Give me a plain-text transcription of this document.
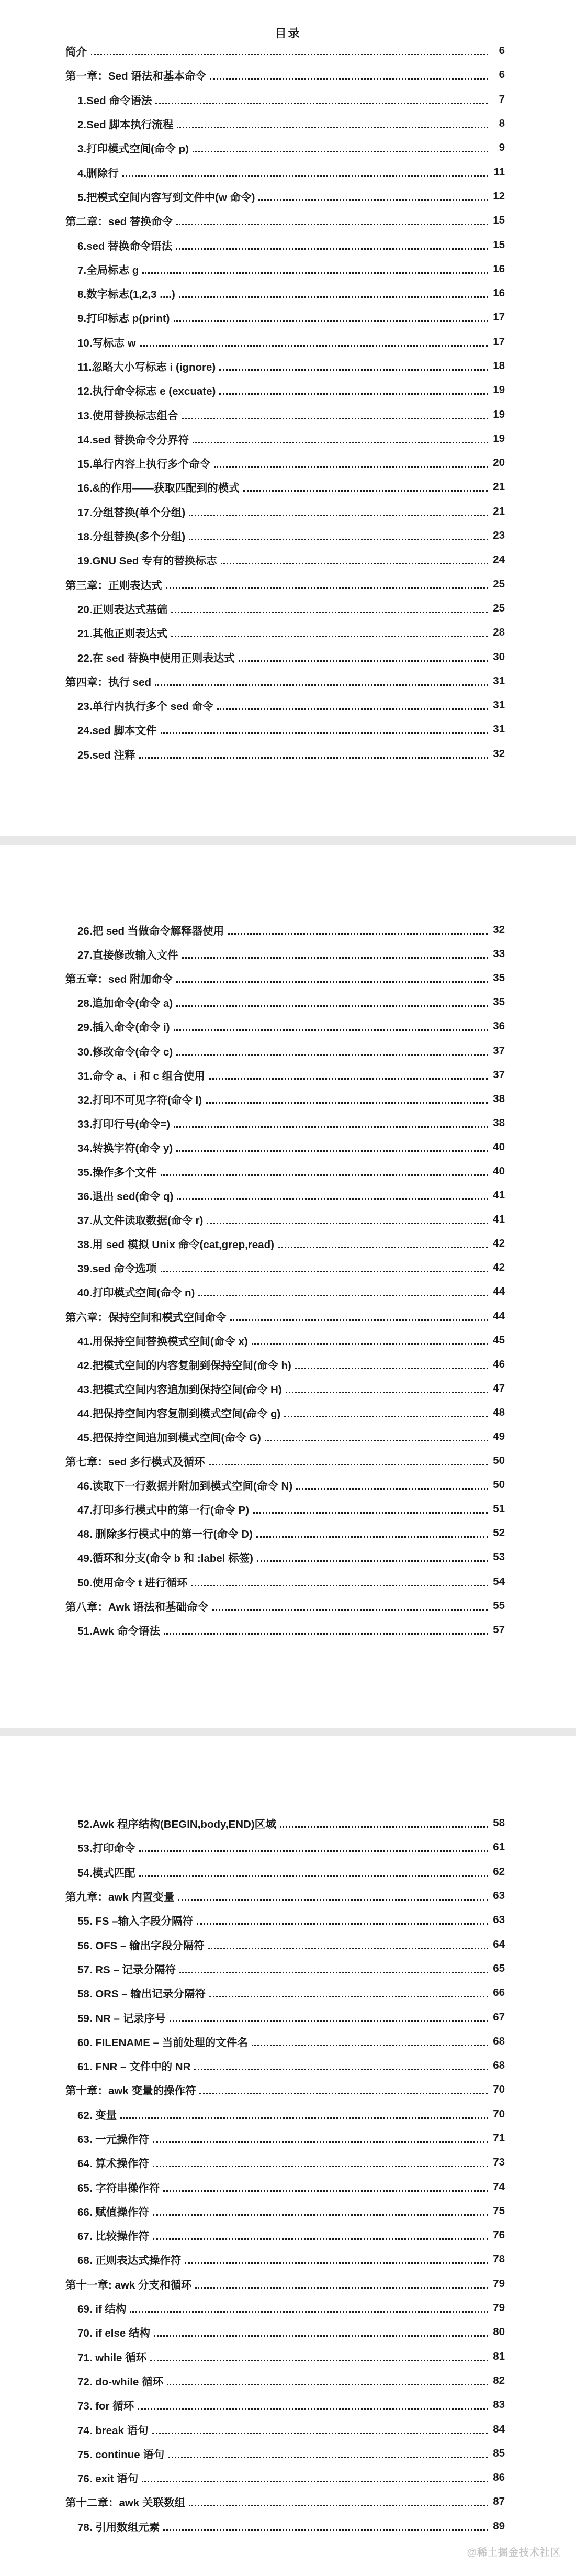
目录
简介	6
第一章：Sed 语法和基本命令	6
1.Sed 命令语法	7
2.Sed 脚本执行流程	8
3.打印模式空间(命令 p)	9
4.删除行	11
5.把模式空间内容写到文件中(w 命令)	12
第二章：sed 替换命令	15
6.sed 替换命令语法	15
7.全局标志 g	16
8.数字标志(1,2,3 ....)	16
9.打印标志 p(print)	17
10.写标志 w	17
11.忽略大小写标志 i (ignore)	18
12.执行命令标志 e (excuate)	19
13.使用替换标志组合	19
14.sed 替换命令分界符	19
15.单行内容上执行多个命令	20
16.&的作用——获取匹配到的模式	21
17.分组替换(单个分组)	21
18.分组替换(多个分组)	23
19.GNU Sed 专有的替换标志	24
第三章：正则表达式	25
20.正则表达式基础	25
21.其他正则表达式	28
22.在 sed 替换中使用正则表达式	30
第四章：执行 sed	31
23.单行内执行多个 sed 命令	31
24.sed 脚本文件	31
25.sed 注释	32
26.把 sed 当做命令解释器使用	32
27.直接修改输入文件	33
第五章：sed 附加命令	35
28.追加命令(命令 a)	35
29.插入命令(命令 i)	36
30.修改命令(命令 c)	37
31.命令 a、i 和 c 组合使用	37
32.打印不可见字符(命令 l)	38
33.打印行号(命令=)	38
34.转换字符(命令 y)	40
35.操作多个文件	40
36.退出 sed(命令 q)	41
37.从文件读取数据(命令 r)	41
38.用 sed 模拟 Unix 命令(cat,grep,read)	42
39.sed 命令选项	42
40.打印模式空间(命令 n)	44
第六章：保持空间和模式空间命令	44
41.用保持空间替换模式空间(命令 x)	45
42.把模式空间的内容复制到保持空间(命令 h)	46
43.把模式空间内容追加到保持空间(命令 H)	47
44.把保持空间内容复制到模式空间(命令 g)	48
45.把保持空间追加到模式空间(命令 G)	49
第七章：sed 多行模式及循环	50
46.读取下一行数据并附加到模式空间(命令 N)	50
47.打印多行模式中的第一行(命令 P)	51
48. 删除多行模式中的第一行(命令 D)	52
49.循环和分支(命令 b 和 :label 标签)	53
50.使用命令 t 进行循环	54
第八章：Awk 语法和基础命令	55
51.Awk 命令语法	57
52.Awk 程序结构(BEGIN,body,END)区域	58
53.打印命令	61
54.模式匹配	62
第九章：awk 内置变量	63
55. FS –输入字段分隔符	63
56. OFS – 输出字段分隔符	64
57. RS – 记录分隔符	65
58. ORS – 输出记录分隔符	66
59. NR – 记录序号	67
60. FILENAME – 当前处理的文件名	68
61. FNR – 文件中的 NR	68
第十章：awk 变量的操作符	70
62. 变量	70
63. 一元操作符	71
64. 算术操作符	73
65. 字符串操作符	74
66. 赋值操作符	75
67. 比较操作符	76
68. 正则表达式操作符	78
第十一章: awk 分支和循环	79
69. if 结构	79
70. if else 结构	80
71. while 循环	81
72. do-while 循环	82
73. for 循环	83
74. break 语句	84
75. continue 语句	85
76. exit 语句	86
第十二章：awk 关联数组	87
78. 引用数组元素	89
@稀土掘金技术社区
